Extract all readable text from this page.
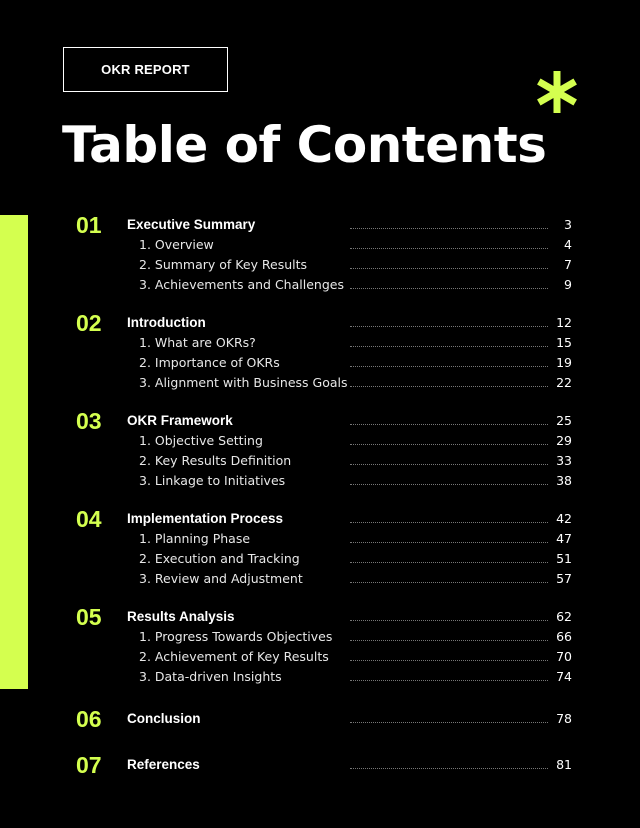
OKR REPORT
Table of Contents
01	Executive Summary	3
1. Overview	4
2. Summary of Key Results	7
3. Achievements and Challenges	9
02	Introduction	12
1. What are OKRs?	15
2. Importance of OKRs	19
3. Alignment with Business Goals	22
03	OKR Framework	25
1. Objective Setting	29
2. Key Results Definition	33
3. Linkage to Initiatives	38
04	Implementation Process	42
1. Planning Phase	47
2. Execution and Tracking	51
3. Review and Adjustment	57
05	Results Analysis	62
1. Progress Towards Objectives	66
2. Achievement of Key Results	70
3. Data-driven Insights	74
06	Conclusion	78
07	References	81
